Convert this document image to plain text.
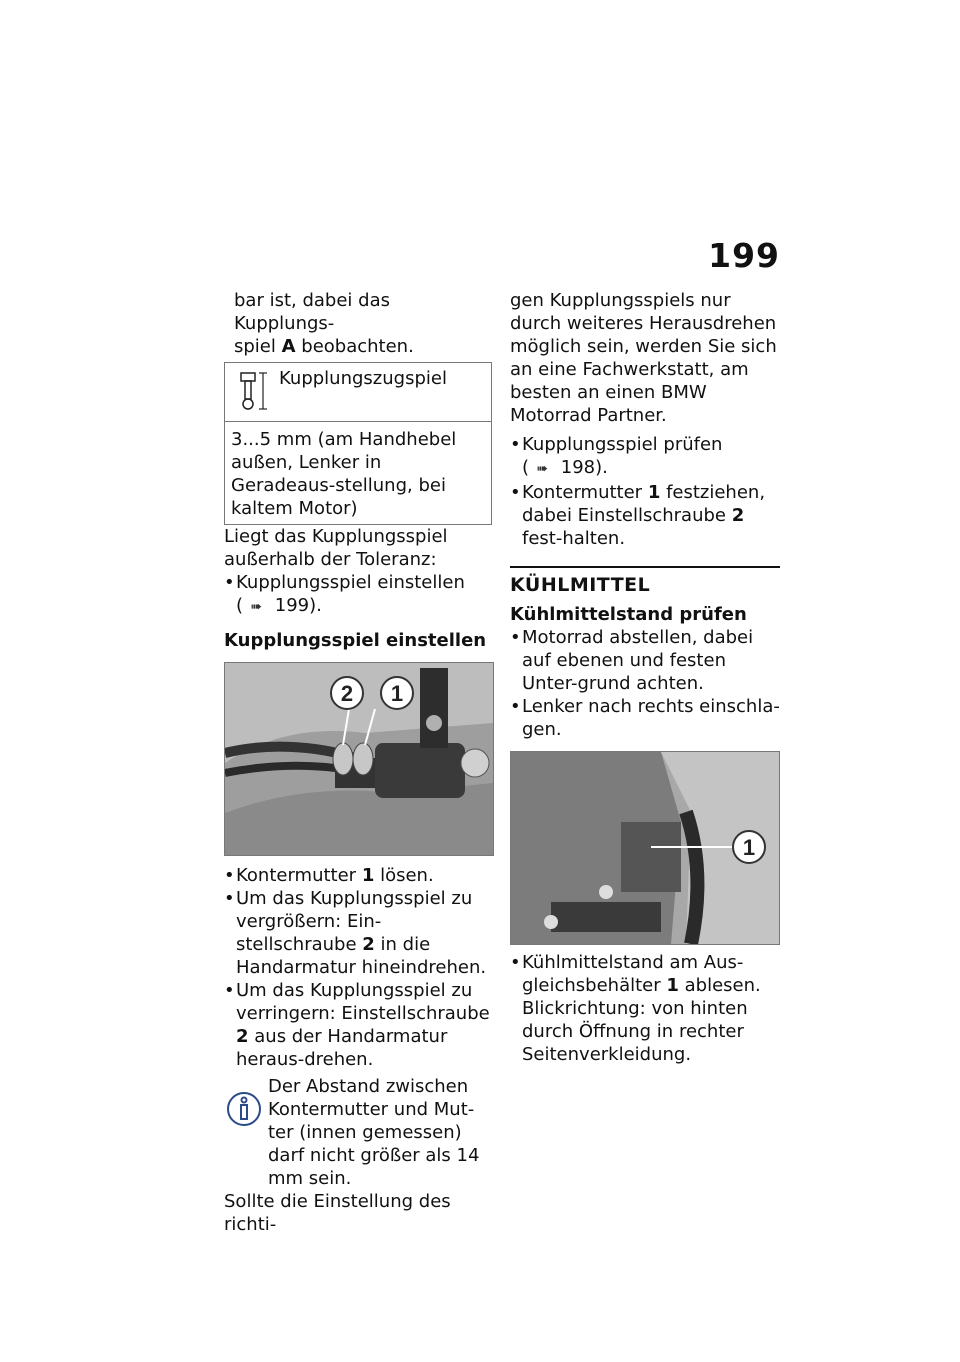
199

bar ist, dabei das Kupplungs-
spiel A beobachten.

Kupplungszugspiel
3...5 mm (am Handhebel außen, Lenker in Geradeaus-stellung, bei kaltem Motor)

Liegt das Kupplungsspiel außerhalb der Toleranz:

• Kupplungsspiel einstellen
( ➠ 199).

Kupplungsspiel einstellen

2 1

• Kontermutter 1 lösen.

• Um das Kupplungsspiel zu vergrößern: Ein-stellschraube 2 in die Handarmatur hineindrehen.

• Um das Kupplungsspiel zu verringern: Einstellschraube 2 aus der Handarmatur heraus-drehen.

Der Abstand zwischen Kontermutter und Mut-ter (innen gemessen) darf nicht größer als 14 mm sein.

Sollte die Einstellung des richti-

gen Kupplungsspiels nur durch weiteres Herausdrehen möglich sein, werden Sie sich an eine Fachwerkstatt, am besten an einen BMW Motorrad Partner.

• Kupplungsspiel prüfen
( ➠ 198).

• Kontermutter 1 festziehen, dabei Einstellschraube 2 fest-halten.

KÜHLMITTEL

Kühlmittelstand prüfen

• Motorrad abstellen, dabei auf ebenen und festen Unter-grund achten.

• Lenker nach rechts einschla-gen.

1

• Kühlmittelstand am Aus-gleichsbehälter 1 ablesen. Blickrichtung: von hinten durch Öffnung in rechter Seitenverkleidung.
